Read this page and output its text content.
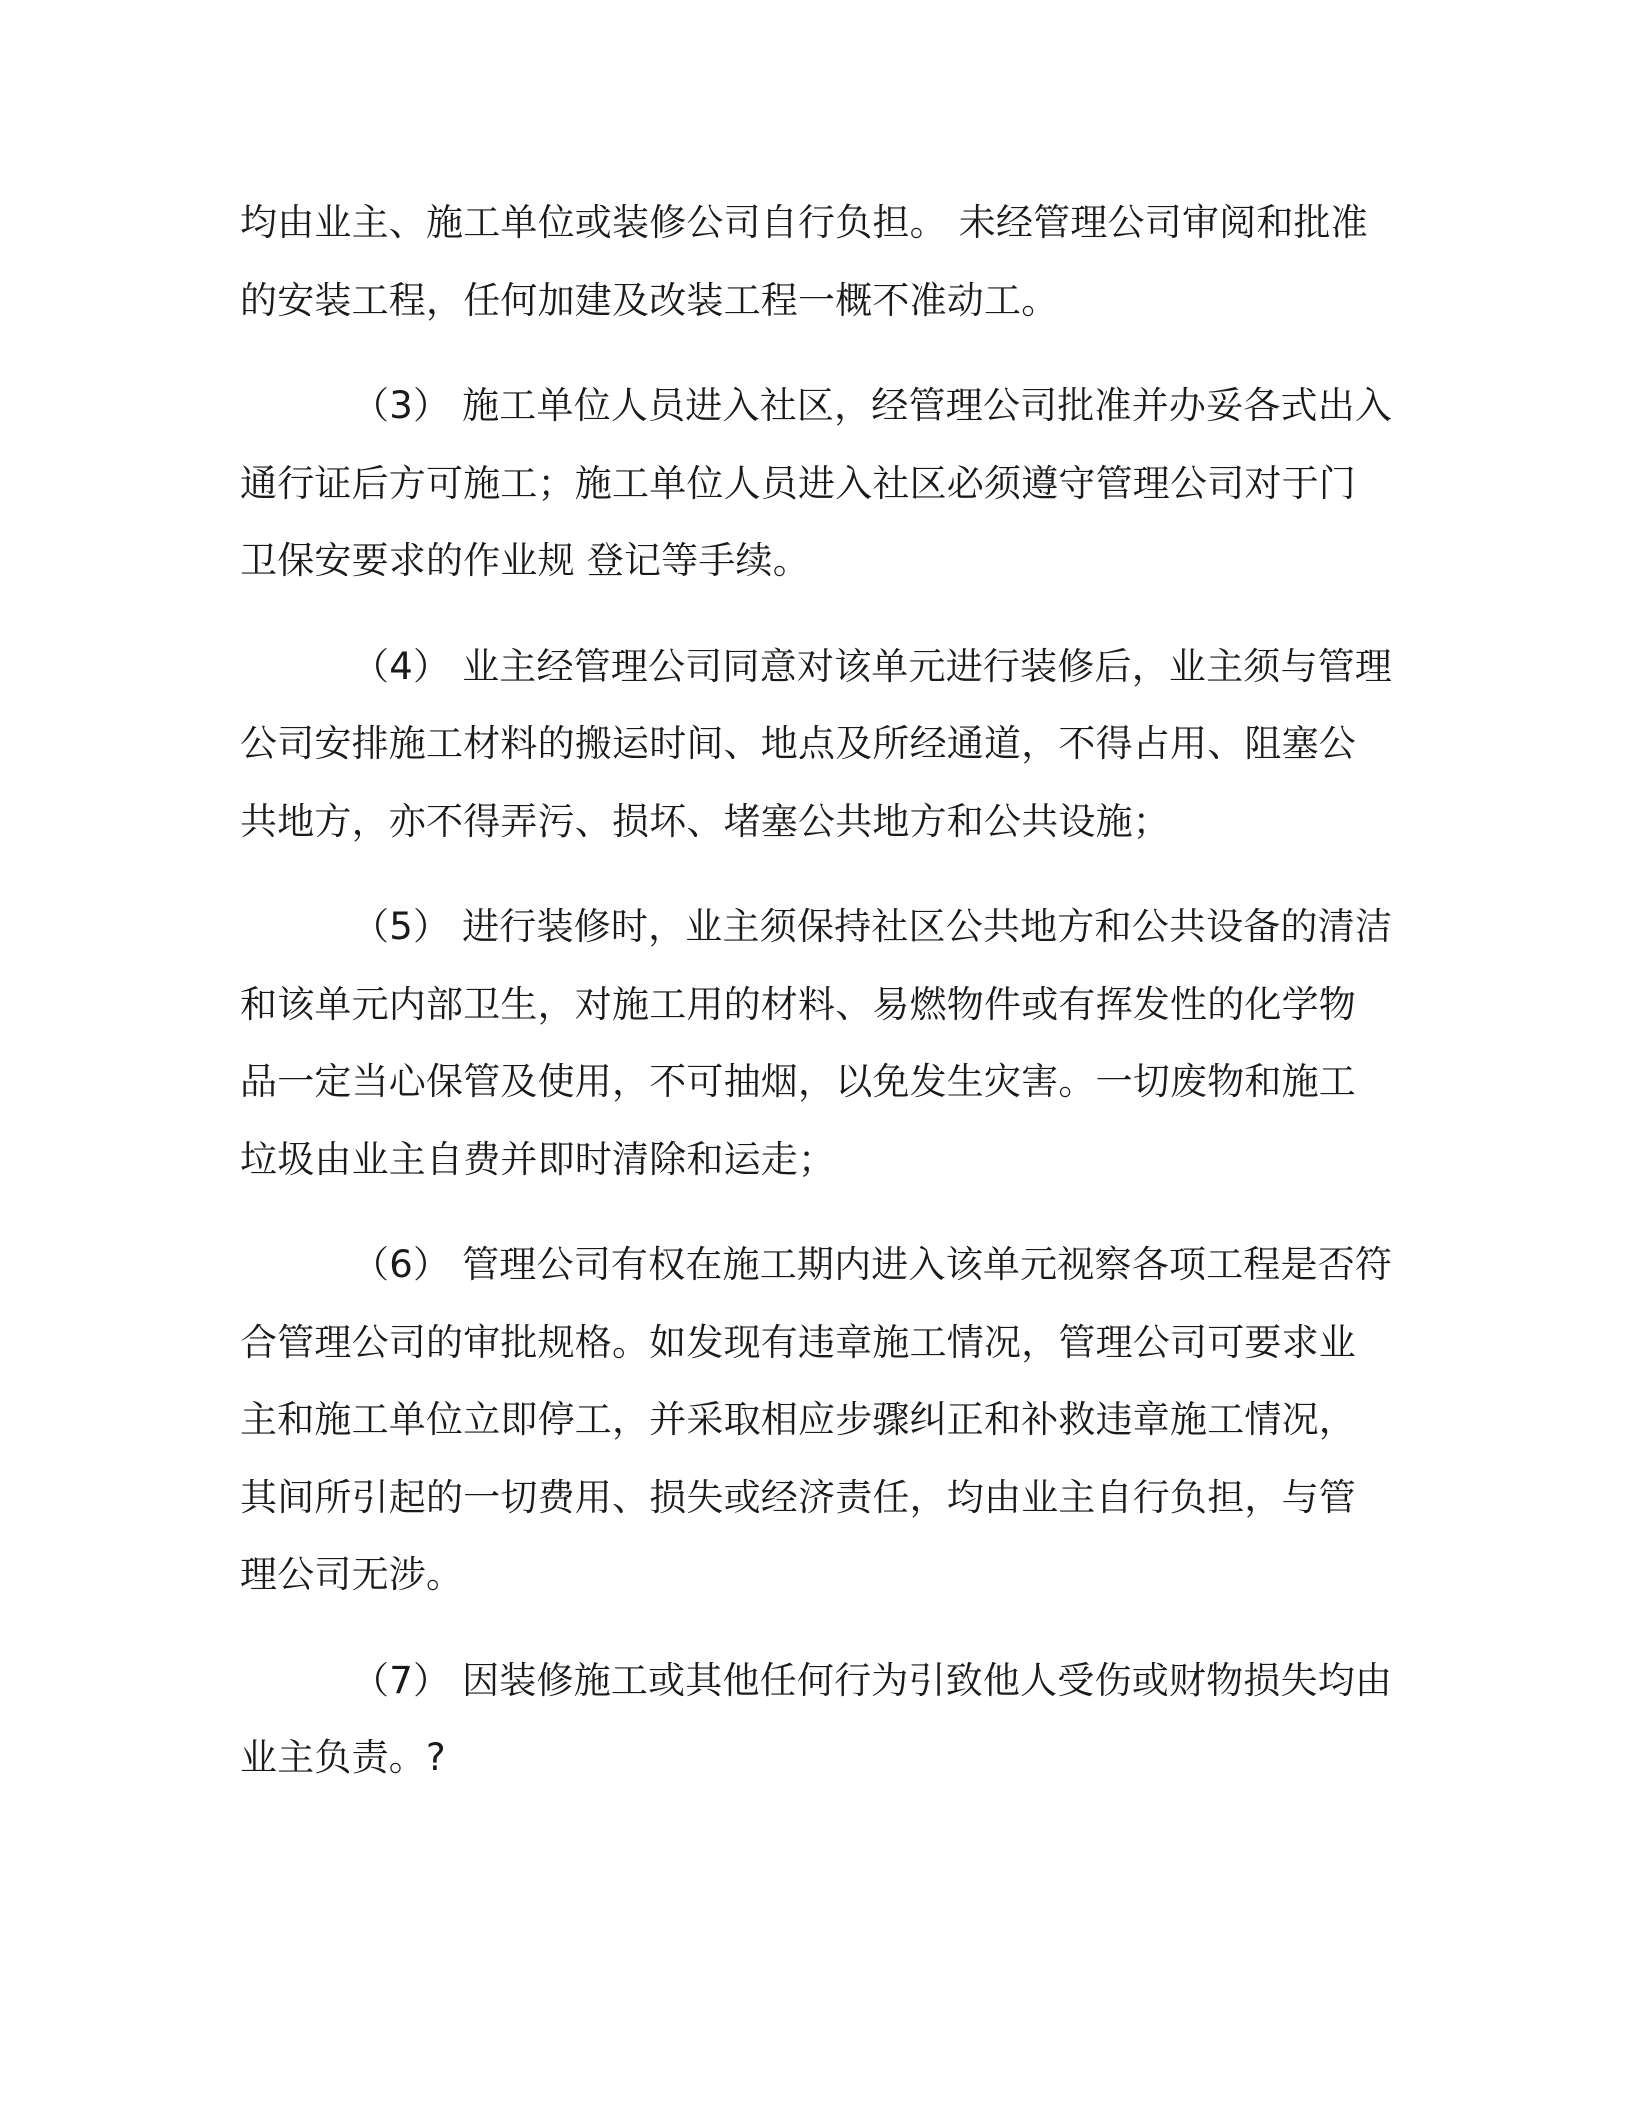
均由业主、施工单位或装修公司自行负担。 未经管理公司审阅和批准
的安装工程，任何加建及改装工程一概不准动工。

（3） 施工单位人员进入社区，经管理公司批准并办妥各式出入
通行证后方可施工；施工单位人员进入社区必须遵守管理公司对于门
卫保安要求的作业规 登记等手续。

（4） 业主经管理公司同意对该单元进行装修后，业主须与管理
公司安排施工材料的搬运时间、地点及所经通道，不得占用、阻塞公
共地方，亦不得弄污、损坏、堵塞公共地方和公共设施；

（5） 进行装修时，业主须保持社区公共地方和公共设备的清洁
和该单元内部卫生，对施工用的材料、易燃物件或有挥发性的化学物
品一定当心保管及使用，不可抽烟，以免发生灾害。一切废物和施工
垃圾由业主自费并即时清除和运走；

（6） 管理公司有权在施工期内进入该单元视察各项工程是否符
合管理公司的审批规格。如发现有违章施工情况，管理公司可要求业
主和施工单位立即停工，并采取相应步骤纠正和补救违章施工情况，
其间所引起的一切费用、损失或经济责任，均由业主自行负担，与管
理公司无涉。

（7） 因装修施工或其他任何行为引致他人受伤或财物损失均由
业主负责。?
